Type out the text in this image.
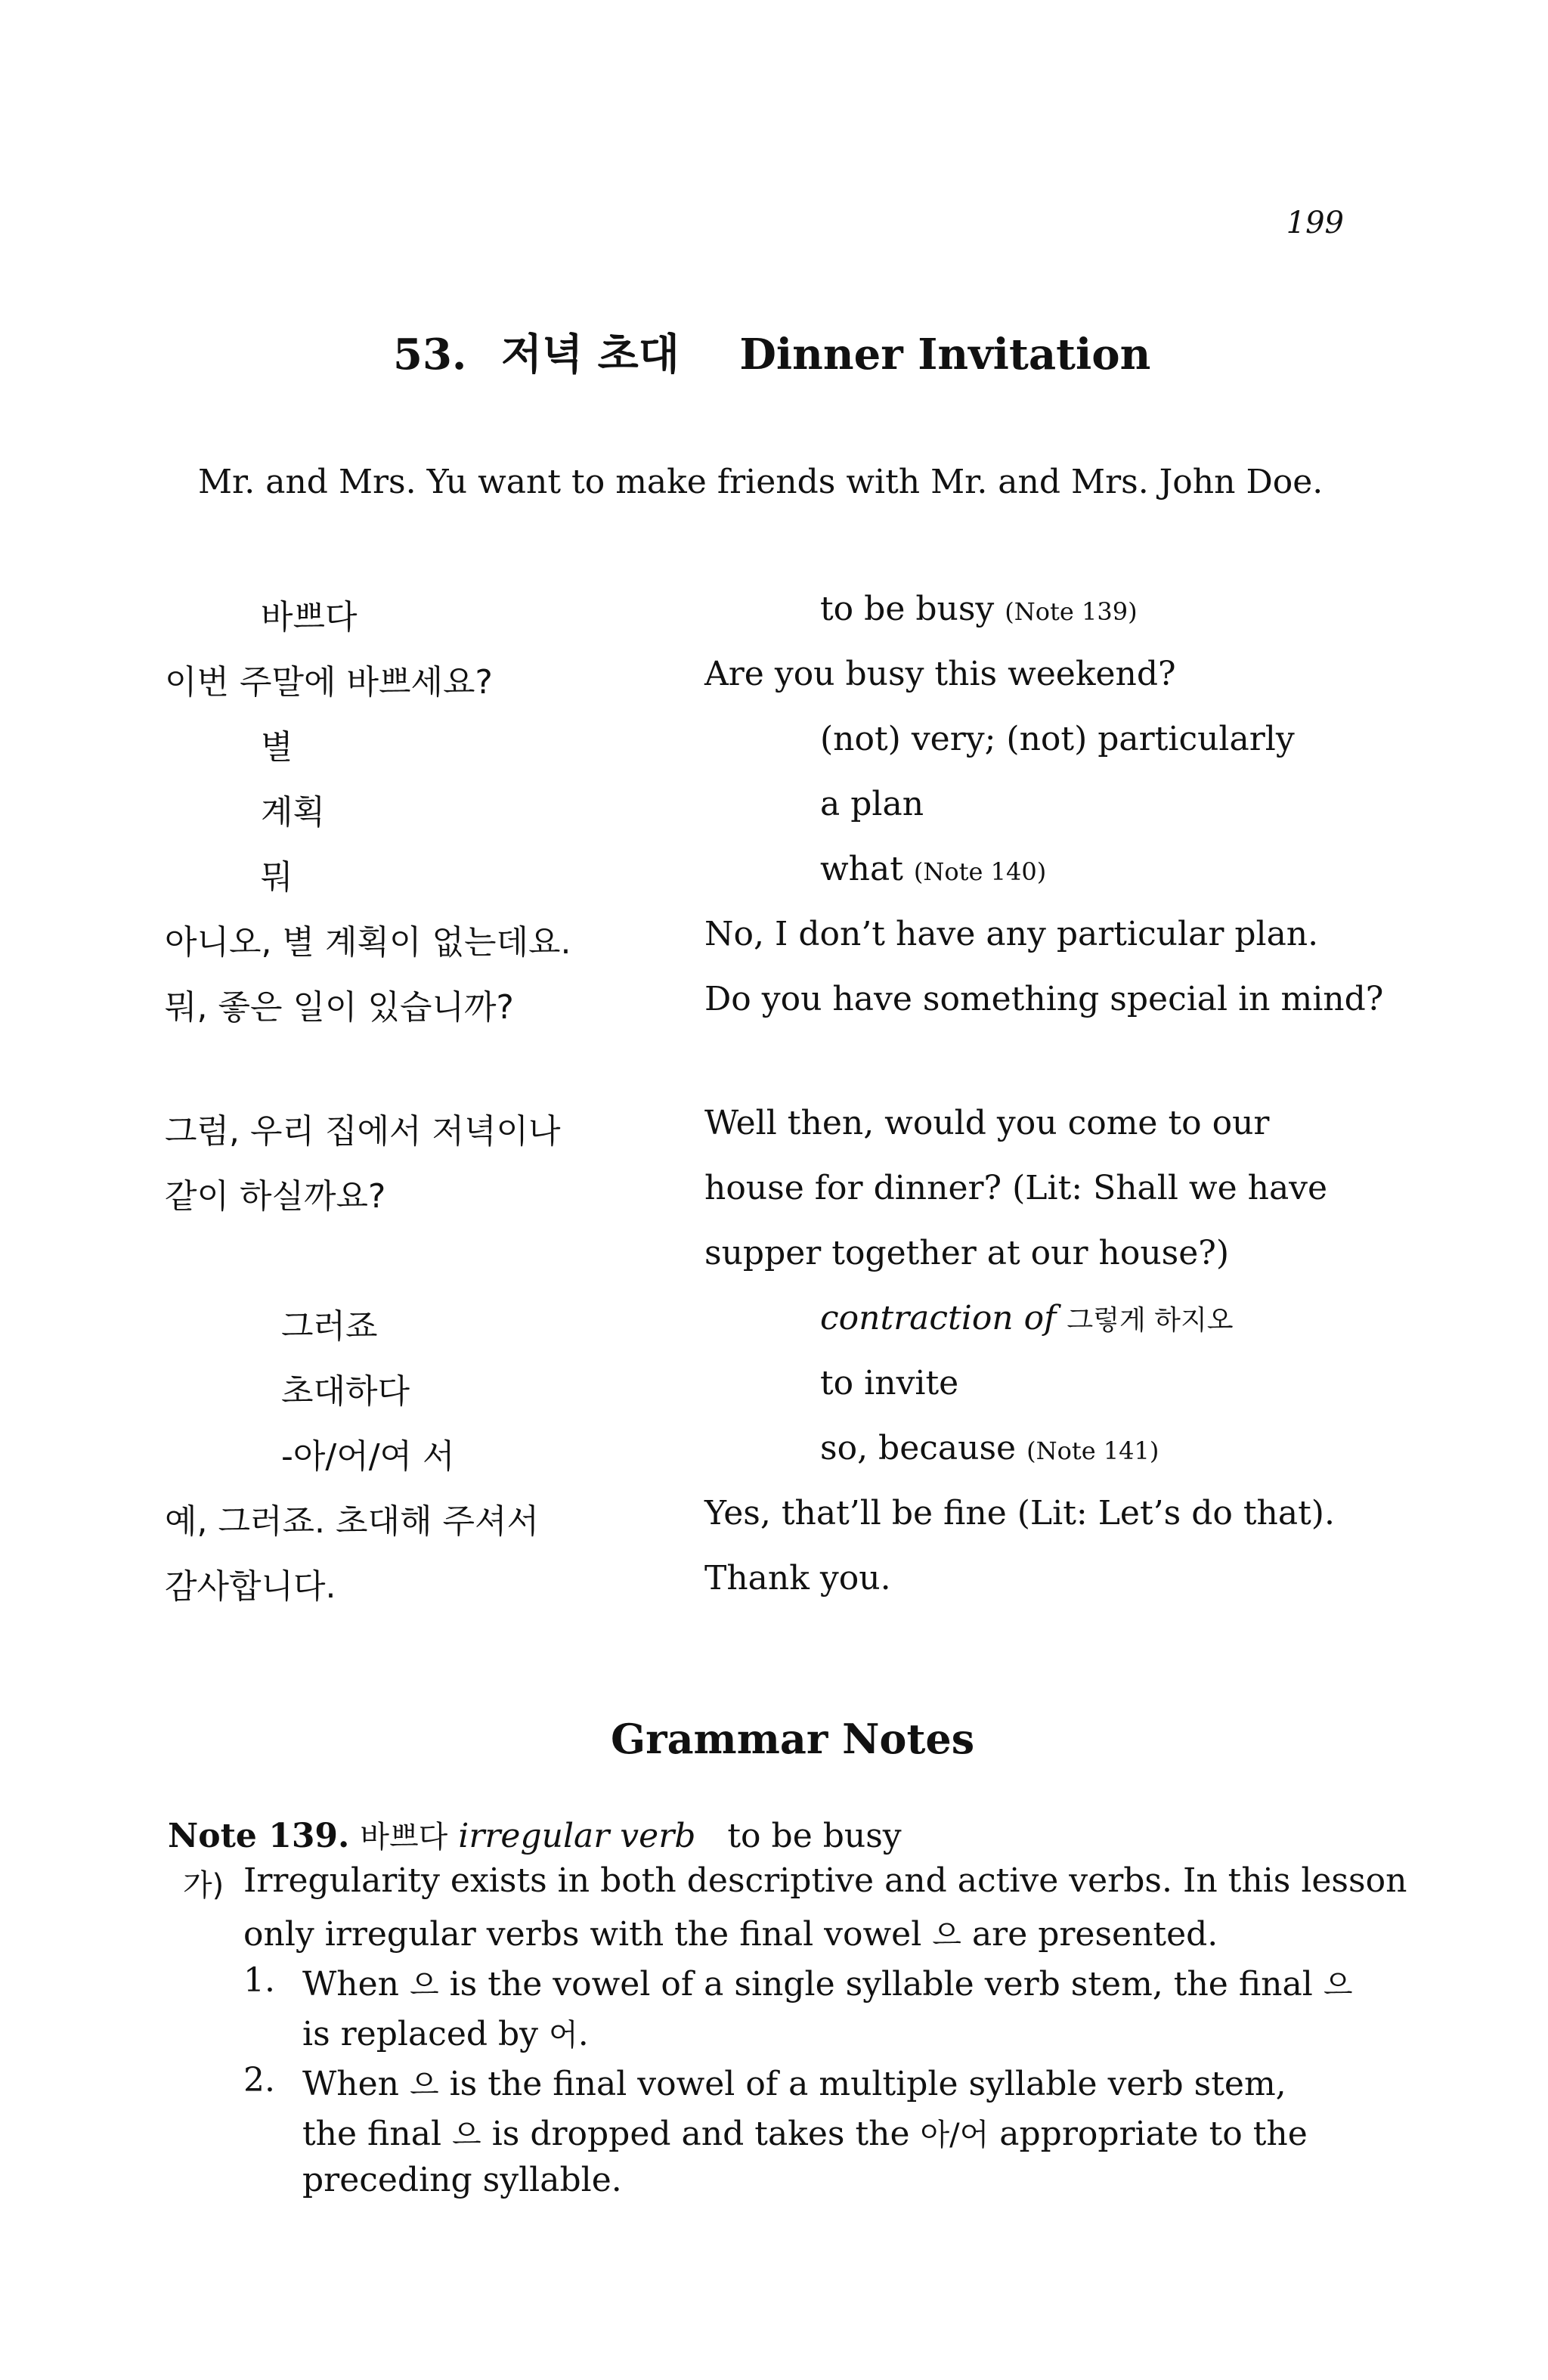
199
53. 저녁 초대 Dinner Invitation
Mr. and Mrs. Yu want to make friends with Mr. and Mrs. John Doe.
바쁘다	to be busy (Note 139)
이번 주말에 바쁘세요?	Are you busy this weekend?
별	(not) very; (not) particularly
계획	a plan
뭐	what (Note 140)
아니오, 별 계획이 없는데요.	No, I don’t have any particular plan.
뭐, 좋은 일이 있습니까?	Do you have something special in mind?
그럼, 우리 집에서 저녁이나	Well then, would you come to our
같이 하실까요?	house for dinner? (Lit: Shall we have
supper together at our house?)
그러죠	contraction of 그렇게 하지오
초대하다	to invite
-아/어/여 서	so, because (Note 141)
예, 그러죠. 초대해 주셔서	Yes, that’ll be fine (Lit: Let’s do that).
감사합니다.	Thank you.
Grammar Notes
Note 139. 바쁘다 irregular verb to be busy
가) Irregularity exists in both descriptive and active verbs. In this lesson
only irregular verbs with the final vowel 으 are presented.
1. When 으 is the vowel of a single syllable verb stem, the final 으
is replaced by 어.
2. When 으 is the final vowel of a multiple syllable verb stem,
the final 으 is dropped and takes the 아/어 appropriate to the
preceding syllable.
